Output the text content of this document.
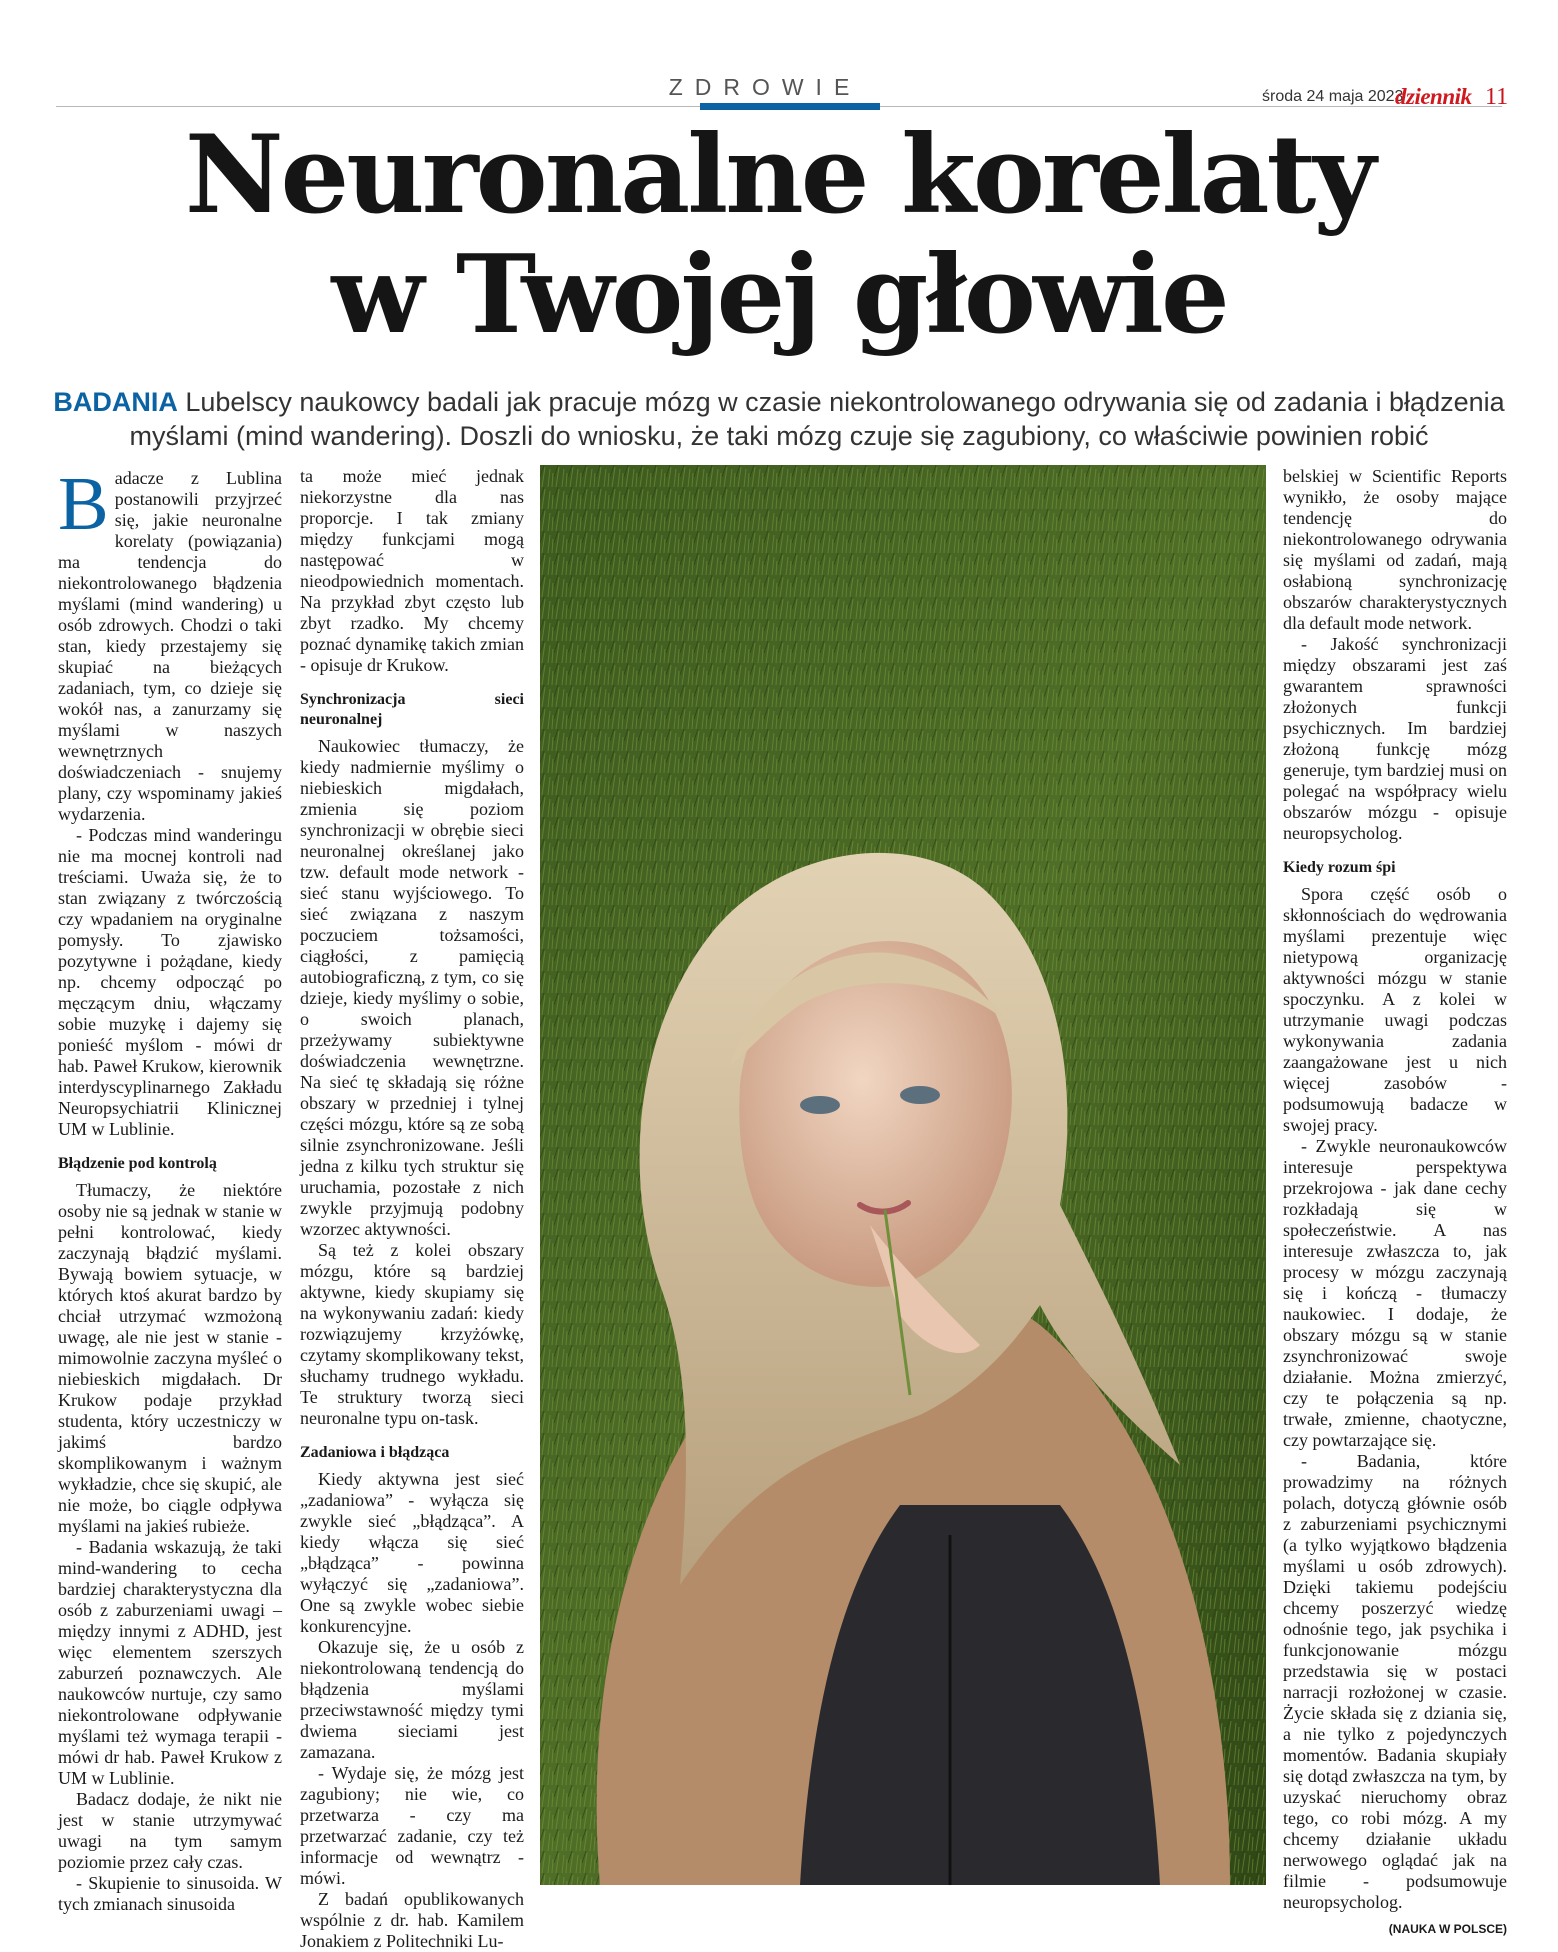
ZDROWIE	środa 24 maja 2023
dziennik 11
Neuronalne korelaty
w Twojej głowie
BADANIA Lubelscy naukowcy badali jak pracuje mózg w czasie niekontrolowanego odrywania się od zadania i błądzenia
myślami (mind wandering). Doszli do wniosku, że taki mózg czuje się zagubiony, co właściwie powinien robić

Badacze z Lublina postanowili przyjrzeć się, jakie neuronalne korelaty (powiązania) ma tendencja do niekontrolowanego błądzenia myślami (mind wandering) u osób zdrowych. Chodzi o taki stan, kiedy przestajemy się skupiać na bieżących zadaniach, tym, co dzieje się wokół nas, a zanurzamy się myślami w naszych wewnętrznych doświadczeniach - snujemy plany, czy wspominamy jakieś wydarzenia.

- Podczas mind wanderingu nie ma mocnej kontroli nad treściami. Uważa się, że to stan związany z twórczością czy wpadaniem na oryginalne pomysły. To zjawisko pozytywne i pożądane, kiedy np. chcemy odpocząć po męczącym dniu, włączamy sobie muzykę i dajemy się ponieść myślom - mówi dr hab. Paweł Krukow, kierownik interdyscyplinarnego Zakładu Neuropsychiatrii Klinicznej UM w Lublinie.

Błądzenie pod kontrolą

Tłumaczy, że niektóre osoby nie są jednak w stanie w pełni kontrolować, kiedy zaczynają błądzić myślami. Bywają bowiem sytuacje, w których ktoś akurat bardzo by chciał utrzymać wzmożoną uwagę, ale nie jest w stanie - mimowolnie zaczyna myśleć o niebieskich migdałach. Dr Krukow podaje przykład studenta, który uczestniczy w jakimś bardzo skomplikowanym i ważnym wykładzie, chce się skupić, ale nie może, bo ciągle odpływa myślami na jakieś rubieże.

- Badania wskazują, że taki mind-wandering to cecha bardziej charakterystyczna dla osób z zaburzeniami uwagi – między innymi z ADHD, jest więc elementem szerszych zaburzeń poznawczych. Ale naukowców nurtuje, czy samo niekontrolowane odpływanie myślami też wymaga terapii - mówi dr hab. Paweł Krukow z UM w Lublinie.

Badacz dodaje, że nikt nie jest w stanie utrzymywać uwagi na tym samym poziomie przez cały czas.

- Skupienie to sinusoida. W tych zmianach sinusoida

ta może mieć jednak niekorzystne dla nas proporcje. I tak zmiany między funkcjami mogą następować w nieodpowiednich momentach. Na przykład zbyt często lub zbyt rzadko. My chcemy poznać dynamikę takich zmian - opisuje dr Krukow.

Synchronizacja sieci neuronalnej

Naukowiec tłumaczy, że kiedy nadmiernie myślimy o niebieskich migdałach, zmienia się poziom synchronizacji w obrębie sieci neuronalnej określanej jako tzw. default mode network - sieć stanu wyjściowego. To sieć związana z naszym poczuciem tożsamości, ciągłości, z pamięcią autobiograficzną, z tym, co się dzieje, kiedy myślimy o sobie, o swoich planach, przeżywamy subiektywne doświadczenia wewnętrzne. Na sieć tę składają się różne obszary w przedniej i tylnej części mózgu, które są ze sobą silnie zsynchronizowane. Jeśli jedna z kilku tych struktur się uruchamia, pozostałe z nich zwykle przyjmują podobny wzorzec aktywności.

Są też z kolei obszary mózgu, które są bardziej aktywne, kiedy skupiamy się na wykonywaniu zadań: kiedy rozwiązujemy krzyżówkę, czytamy skomplikowany tekst, słuchamy trudnego wykładu. Te struktury tworzą sieci neuronalne typu on-task.

Zadaniowa i błądząca

Kiedy aktywna jest sieć „zadaniowa” - wyłącza się zwykle sieć „błądząca”. A kiedy włącza się sieć „błądząca” - powinna wyłączyć się „zadaniowa”. One są zwykle wobec siebie konkurencyjne.

Okazuje się, że u osób z niekontrolowaną tendencją do błądzenia myślami przeciwstawność między tymi dwiema sieciami jest zamazana.

- Wydaje się, że mózg jest zagubiony; nie wie, co przetwarza - czy ma przetwarzać zadanie, czy też informacje od wewnątrz - mówi.

Z badań opublikowanych wspólnie z dr. hab. Kamilem Jonakiem z Politechniki Lu-

belskiej w Scientific Reports wynikło, że osoby mające tendencję do niekontrolowanego odrywania się myślami od zadań, mają osłabioną synchronizację obszarów charakterystycznych dla default mode network.

- Jakość synchronizacji między obszarami jest zaś gwarantem sprawności złożonych funkcji psychicznych. Im bardziej złożoną funkcję mózg generuje, tym bardziej musi on polegać na współpracy wielu obszarów mózgu - opisuje neuropsycholog.

Kiedy rozum śpi

Spora część osób o skłonnościach do wędrowania myślami prezentuje więc nietypową organizację aktywności mózgu w stanie spoczynku. A z kolei w utrzymanie uwagi podczas wykonywania zadania zaangażowane jest u nich więcej zasobów - podsumowują badacze w swojej pracy.

- Zwykle neuronaukowców interesuje perspektywa przekrojowa - jak dane cechy rozkładają się w społeczeństwie. A nas interesuje zwłaszcza to, jak procesy w mózgu zaczynają się i kończą - tłumaczy naukowiec. I dodaje, że obszary mózgu są w stanie zsynchronizować swoje działanie. Można zmierzyć, czy te połączenia są np. trwałe, zmienne, chaotyczne, czy powtarzające się.

- Badania, które prowadzimy na różnych polach, dotyczą głównie osób z zaburzeniami psychicznymi (a tylko wyjątkowo błądzenia myślami u osób zdrowych). Dzięki takiemu podejściu chcemy poszerzyć wiedzę odnośnie tego, jak psychika i funkcjonowanie mózgu przedstawia się w postaci narracji rozłożonej w czasie. Życie składa się z dziania się, a nie tylko z pojedynczych momentów. Badania skupiały się dotąd zwłaszcza na tym, by uzyskać nieruchomy obraz tego, co robi mózg. A my chcemy działanie układu nerwowego oglądać jak na filmie - podsumowuje neuropsycholog.

(NAUKA W POLSCE)
